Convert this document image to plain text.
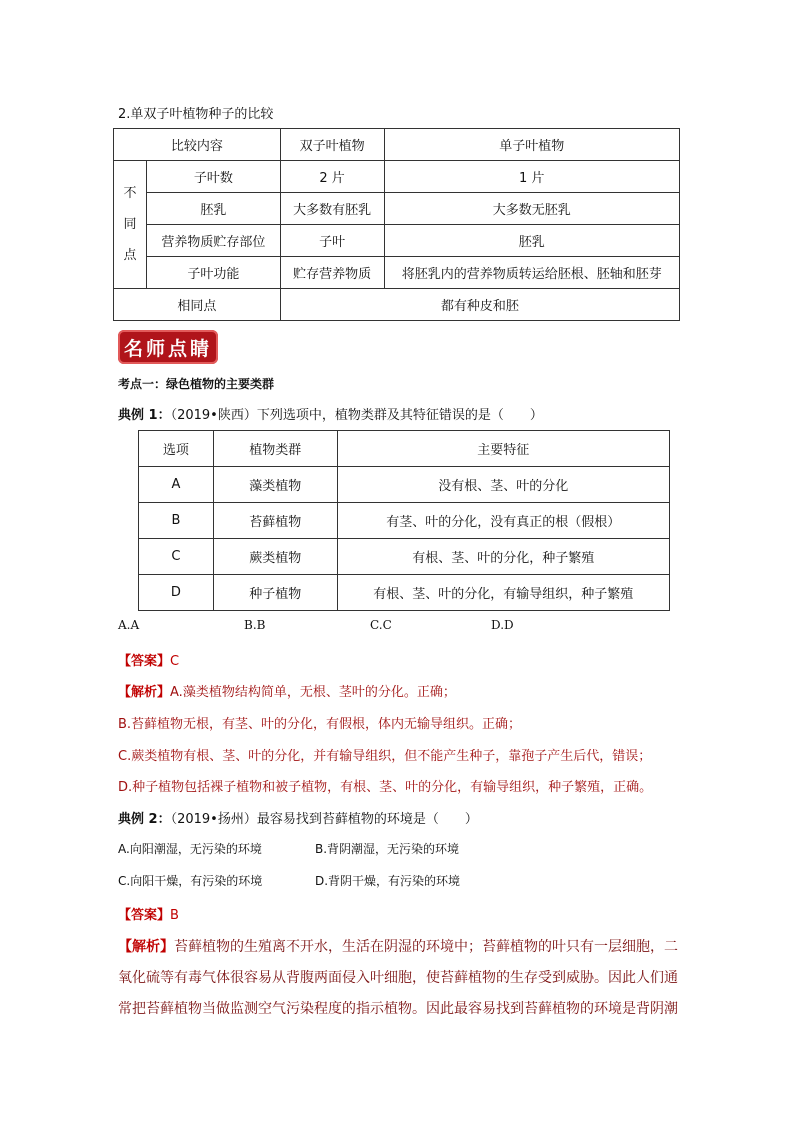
2.单双子叶植物种子的比较
比较内容		双子叶植物	单子叶植物

不
同
点	子叶数	2 片	1 片
	胚乳	大多数有胚乳	大多数无胚乳
	营养物质贮存部位	子叶	胚乳
	子叶功能	贮存营养物质	将胚乳内的营养物质转运给胚根、胚轴和胚芽
相同点		都有种皮和胚	
名师点睛
考点一：绿色植物的主要类群
典例 1：（2019•陕西）下列选项中，植物类群及其特征错误的是（　　）
选项	植物类群	主要特征
A	藻类植物	没有根、茎、叶的分化
B	苔藓植物	有茎、叶的分化，没有真正的根（假根）
C	蕨类植物	有根、茎、叶的分化，种子繁殖
D	种子植物	有根、茎、叶的分化，有输导组织，种子繁殖
A.A	B.B	C.C	D.D
【答案】C
【解析】A.藻类植物结构简单，无根、茎叶的分化。正确；
B.苔藓植物无根，有茎、叶的分化，有假根，体内无输导组织。正确；
C.蕨类植物有根、茎、叶的分化，并有输导组织，但不能产生种子，靠孢子产生后代，错误；
D.种子植物包括裸子植物和被子植物，有根、茎、叶的分化，有输导组织，种子繁殖，正确。
典例 2：（2019•扬州）最容易找到苔藓植物的环境是（　　）
A.向阳潮湿，无污染的环境	B.背阴潮湿，无污染的环境
C.向阳干燥，有污染的环境	D.背阴干燥，有污染的环境
【答案】B
【解析】苔藓植物的生殖离不开水，生活在阴湿的环境中；苔藓植物的叶只有一层细胞，二
氧化硫等有毒气体很容易从背腹两面侵入叶细胞，使苔藓植物的生存受到威胁。因此人们通
常把苔藓植物当做监测空气污染程度的指示植物。因此最容易找到苔藓植物的环境是背阴潮
